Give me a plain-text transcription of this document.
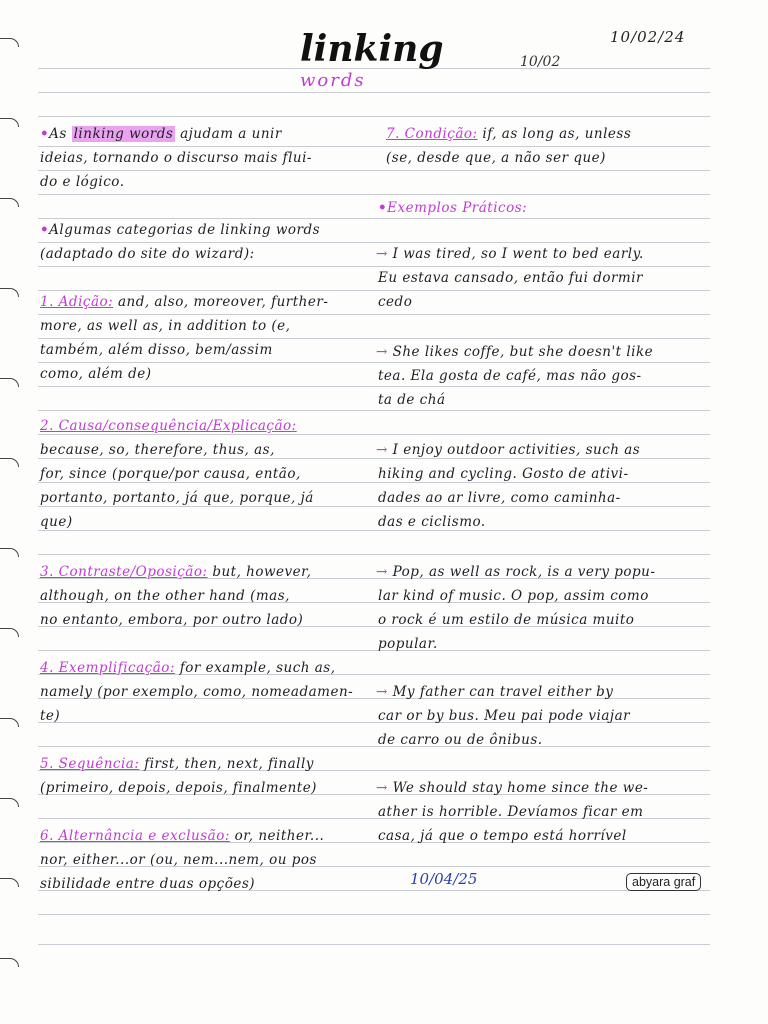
linking
words
10/02/24
10/02
•As linking words ajudam a unir
ideias, tornando o discurso mais flui-
do e lógico.
•Algumas categorias de linking words
(adaptado do site do wizard):
1. Adição: and, also, moreover, further-
more, as well as, in addition to (e,
também, além disso, bem/assim
como, além de)
2. Causa/consequência/Explicação:
because, so, therefore, thus, as,
for, since (porque/por causa, então,
portanto, portanto, já que, porque, já
que)
3. Contraste/Oposição: but, however,
although, on the other hand (mas,
no entanto, embora, por outro lado)
4. Exemplificação: for example, such as,
namely (por exemplo, como, nomeadamen-
te)
5. Sequência: first, then, next, finally
(primeiro, depois, depois, finalmente)
6. Alternância e exclusão: or, neither...
nor, either...or (ou, nem...nem, ou pos
sibilidade entre duas opções)
7. Condição: if, as long as, unless
(se, desde que, a não ser que)
•Exemplos Práticos:
→ I was tired, so I went to bed early.
Eu estava cansado, então fui dormir
cedo
→ She likes coffe, but she doesn't like
tea. Ela gosta de café, mas não gos-
ta de chá
→ I enjoy outdoor activities, such as
hiking and cycling. Gosto de ativi-
dades ao ar livre, como caminha-
das e ciclismo.
→ Pop, as well as rock, is a very popu-
lar kind of music. O pop, assim como
o rock é um estilo de música muito
popular.
→ My father can travel either by
car or by bus. Meu pai pode viajar
de carro ou de ônibus.
→ We should stay home since the we-
ather is horrible. Devíamos ficar em
casa, já que o tempo está horrível
10/04/25	abyara graf
